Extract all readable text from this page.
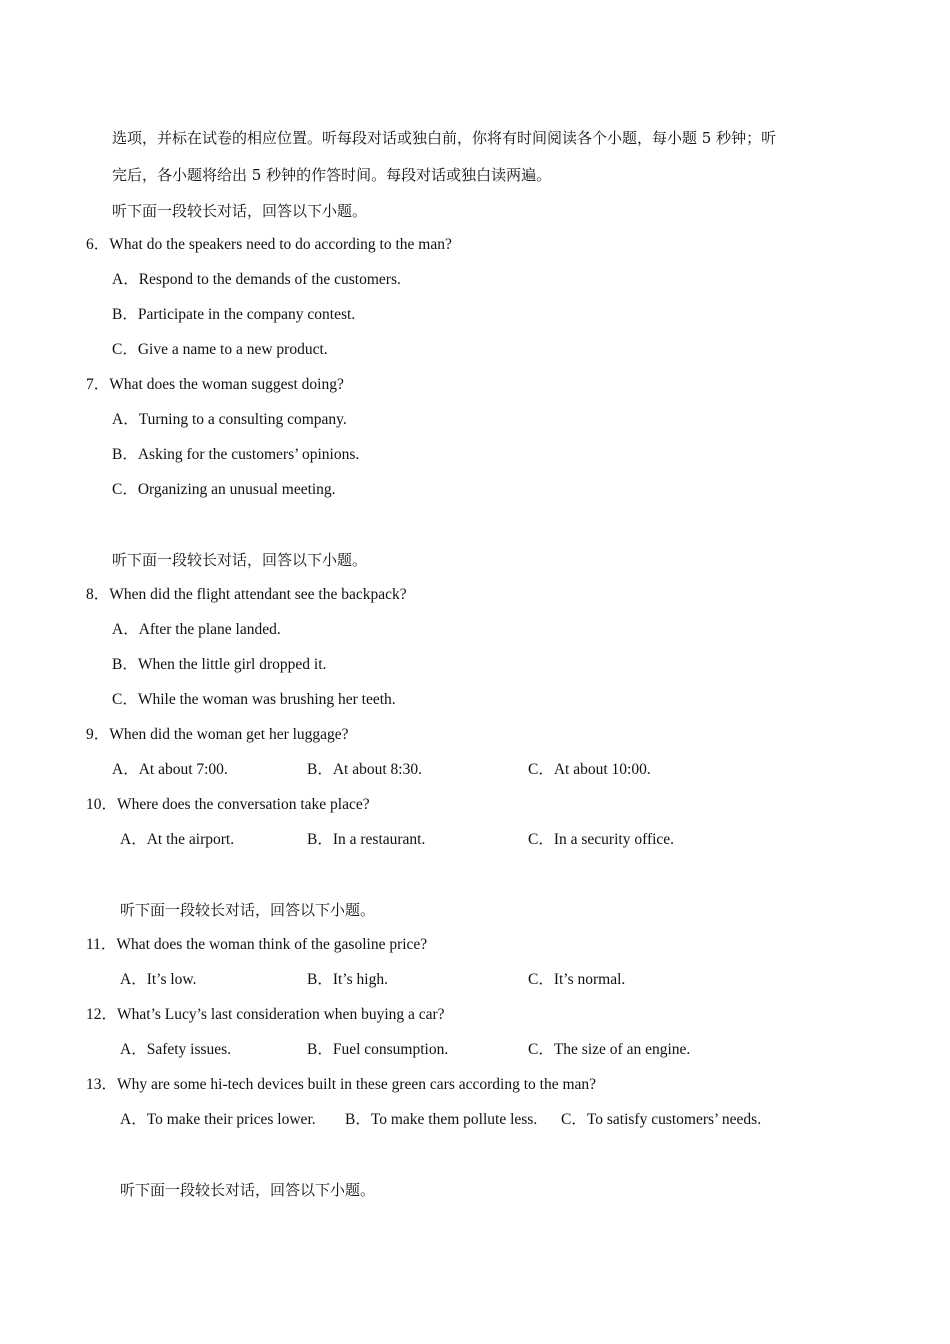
选项，并标在试卷的相应位置。听每段对话或独白前，你将有时间阅读各个小题，每小题 5 秒钟；听
完后，各小题将给出 5 秒钟的作答时间。每段对话或独白读两遍。
听下面一段较长对话，回答以下小题。
6．What do the speakers need to do according to the man?
A．Respond to the demands of the customers.
B．Participate in the company contest.
C．Give a name to a new product.
7．What does the woman suggest doing?
A．Turning to a consulting company.
B．Asking for the customers’ opinions.
C．Organizing an unusual meeting.
听下面一段较长对话，回答以下小题。
8．When did the flight attendant see the backpack?
A．After the plane landed.
B．When the little girl dropped it.
C．While the woman was brushing her teeth.
9．When did the woman get her luggage?
A．At about 7:00.	B．At about 8:30.	C．At about 10:00.
10．Where does the conversation take place?
A．At the airport.	B．In a restaurant.	C．In a security office.
听下面一段较长对话，回答以下小题。
11．What does the woman think of the gasoline price?
A．It’s low.	B．It’s high.	C．It’s normal.
12．What’s Lucy’s last consideration when buying a car?
A．Safety issues.	B．Fuel consumption.	C．The size of an engine.
13．Why are some hi-tech devices built in these green cars according to the man?
A．To make their prices lower. B．To make them pollute less. C．To satisfy customers’ needs.
听下面一段较长对话，回答以下小题。
